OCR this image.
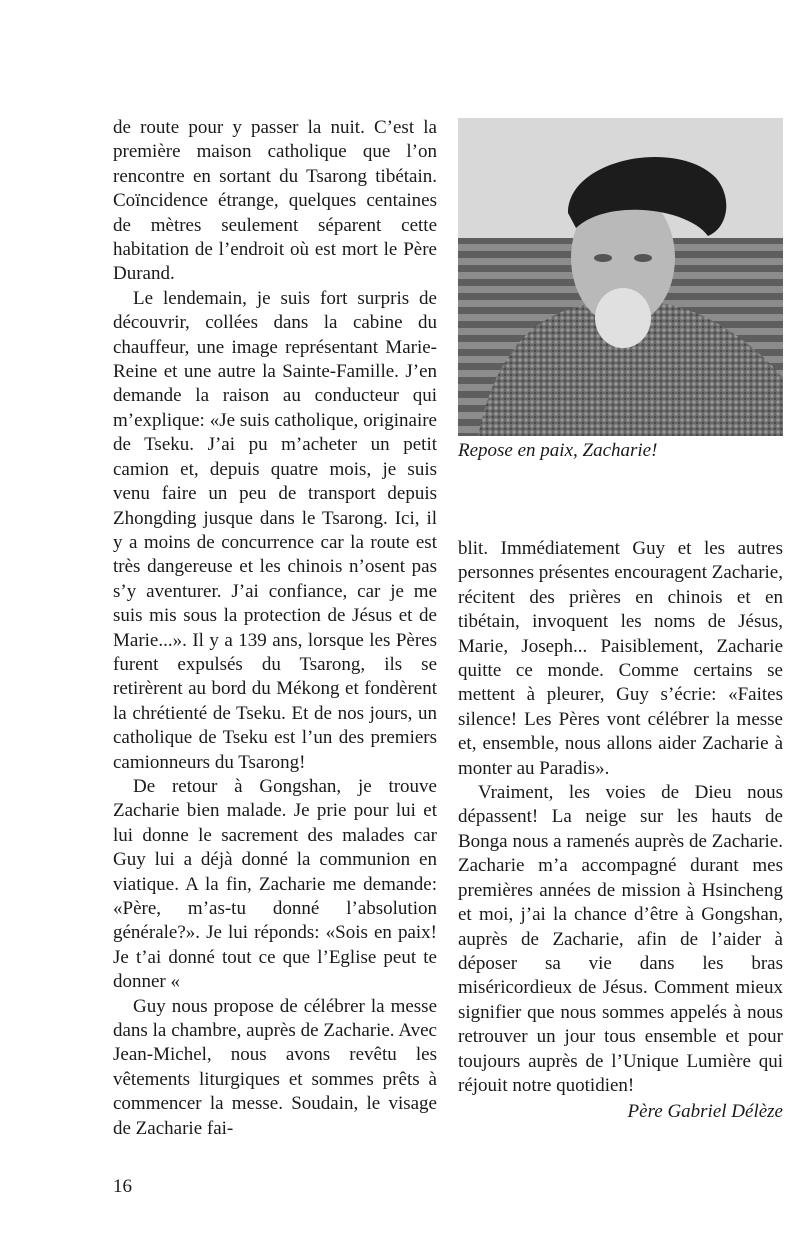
de route pour y passer la nuit. C’est la première maison catholique que l’on rencontre en sortant du Tsarong tibétain. Coïncidence étrange, quelques centaines de mètres seulement séparent cette habitation de l’endroit où est mort le Père Durand.

Le lendemain, je suis fort surpris de découvrir, collées dans la cabine du chauffeur, une image représentant Marie-Reine et une autre la Sainte-Famille. J’en demande la raison au conducteur qui m’explique: «Je suis catholique, originaire de Tseku. J’ai pu m’acheter un petit camion et, depuis quatre mois, je suis venu faire un peu de transport depuis Zhongding jusque dans le Tsarong. Ici, il y a moins de concurrence car la route est très dangereuse et les chinois n’osent pas s’y aventurer. J’ai confiance, car je me suis mis sous la protection de Jésus et de Marie...». Il y a 139 ans, lorsque les Pères furent expulsés du Tsarong, ils se retirèrent au bord du Mékong et fondèrent la chrétienté de Tseku. Et de nos jours, un catholique de Tseku est l’un des premiers camionneurs du Tsarong!

De retour à Gongshan, je trouve Zacharie bien malade. Je prie pour lui et lui donne le sacrement des malades car Guy lui a déjà donné la communion en viatique. A la fin, Zacharie me demande: «Père, m’as-tu donné l’absolution générale?». Je lui réponds: «Sois en paix! Je t’ai donné tout ce que l’Eglise peut te donner «

Guy nous propose de célébrer la messe dans la chambre, auprès de Zacharie. Avec Jean-Michel, nous avons revêtu les vêtements liturgiques et sommes prêts à commencer la messe. Soudain, le visage de Zacharie fai-

Repose en paix, Zacharie!

blit. Immédiatement Guy et les autres personnes présentes encouragent Zacharie, récitent des prières en chinois et en tibétain, invoquent les noms de Jésus, Marie, Joseph... Paisiblement, Zacharie quitte ce monde. Comme certains se mettent à pleurer, Guy s’écrie: «Faites silence! Les Pères vont célébrer la messe et, ensemble, nous allons aider Zacharie à monter au Paradis».

Vraiment, les voies de Dieu nous dépassent! La neige sur les hauts de Bonga nous a ramenés auprès de Zacharie. Zacharie m’a accompagné durant mes premières années de mission à Hsincheng et moi, j’ai la chance d’être à Gongshan, auprès de Zacharie, afin de l’aider à déposer sa vie dans les bras miséricordieux de Jésus. Comment mieux signifier que nous sommes appelés à nous retrouver un jour tous ensemble et pour toujours auprès de l’Unique Lumière qui réjouit notre quotidien!

Père Gabriel Délèze

16
